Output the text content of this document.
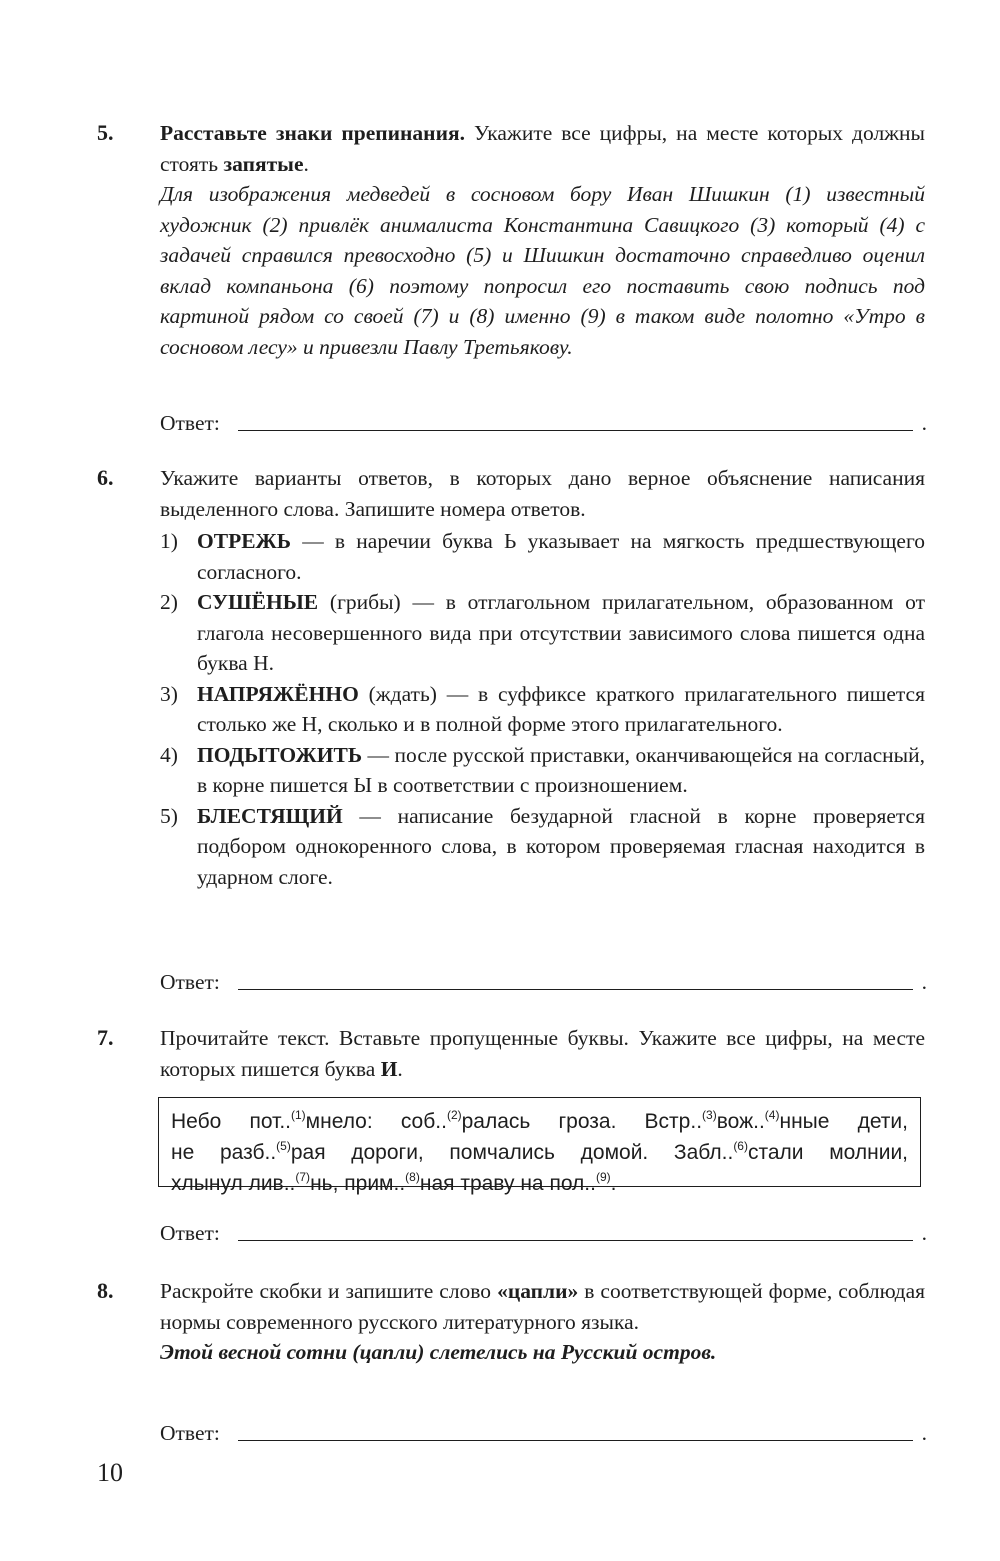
5. Расставьте знаки препинания. Укажите все цифры, на месте которых должны стоять запятые.

Для изображения медведей в сосновом бору Иван Шишкин (1) известный художник (2) привлёк анималиста Константина Савицкого (3) который (4) с задачей справился превосходно (5) и Шишкин достаточно справедливо оценил вклад компаньона (6) поэтому попросил его поставить свою подпись под картиной рядом со своей (7) и (8) именно (9) в таком виде полотно «Утро в сосновом лесу» и привезли Павлу Третьякову.

Ответ:	.
6. Укажите варианты ответов, в которых дано верное объяснение написания выделенного слова. Запишите номера ответов.

1) ОТРЕЖЬ — в наречии буква Ь указывает на мягкость предшествующего согласного.
2) СУШЁНЫЕ (грибы) — в отглагольном прилагательном, образованном от глагола несовершенного вида при отсутствии зависимого слова пишется одна буква Н.
3) НАПРЯЖЁННО (ждать) — в суффиксе краткого прилагательного пишется столько же Н, сколько и в полной форме этого прилагательного.
4) ПОДЫТОЖИТЬ — после русской приставки, оканчивающейся на согласный, в корне пишется Ы в соответствии с произношением.
5) БЛЕСТЯЩИЙ — написание безударной гласной в корне проверяется подбором однокоренного слова, в котором проверяемая гласная находится в ударном слоге.
Ответ:	.
7. Прочитайте текст. Вставьте пропущенные буквы. Укажите все цифры, на месте которых пишется буква И.

Небо пот..$^{(1)}$мнело: соб..$^{(2)}$ралась гроза. Встр..$^{(3)}$вож..$^{(4)}$нные дети,
не разб..$^{(5)}$рая дороги, помчались домой. Забл..$^{(6)}$стали молнии,
хлынул лив..$^{(7)}$нь, прим..$^{(8)}$ная траву на пол..$^{(9)}$.
Ответ:	.
8. Раскройте скобки и запишите слово «цапли» в соответствующей форме, соблюдая нормы современного русского литературного языка.

Этой весной сотни (цапли) слетелись на Русский остров.

Ответ:	.
10
